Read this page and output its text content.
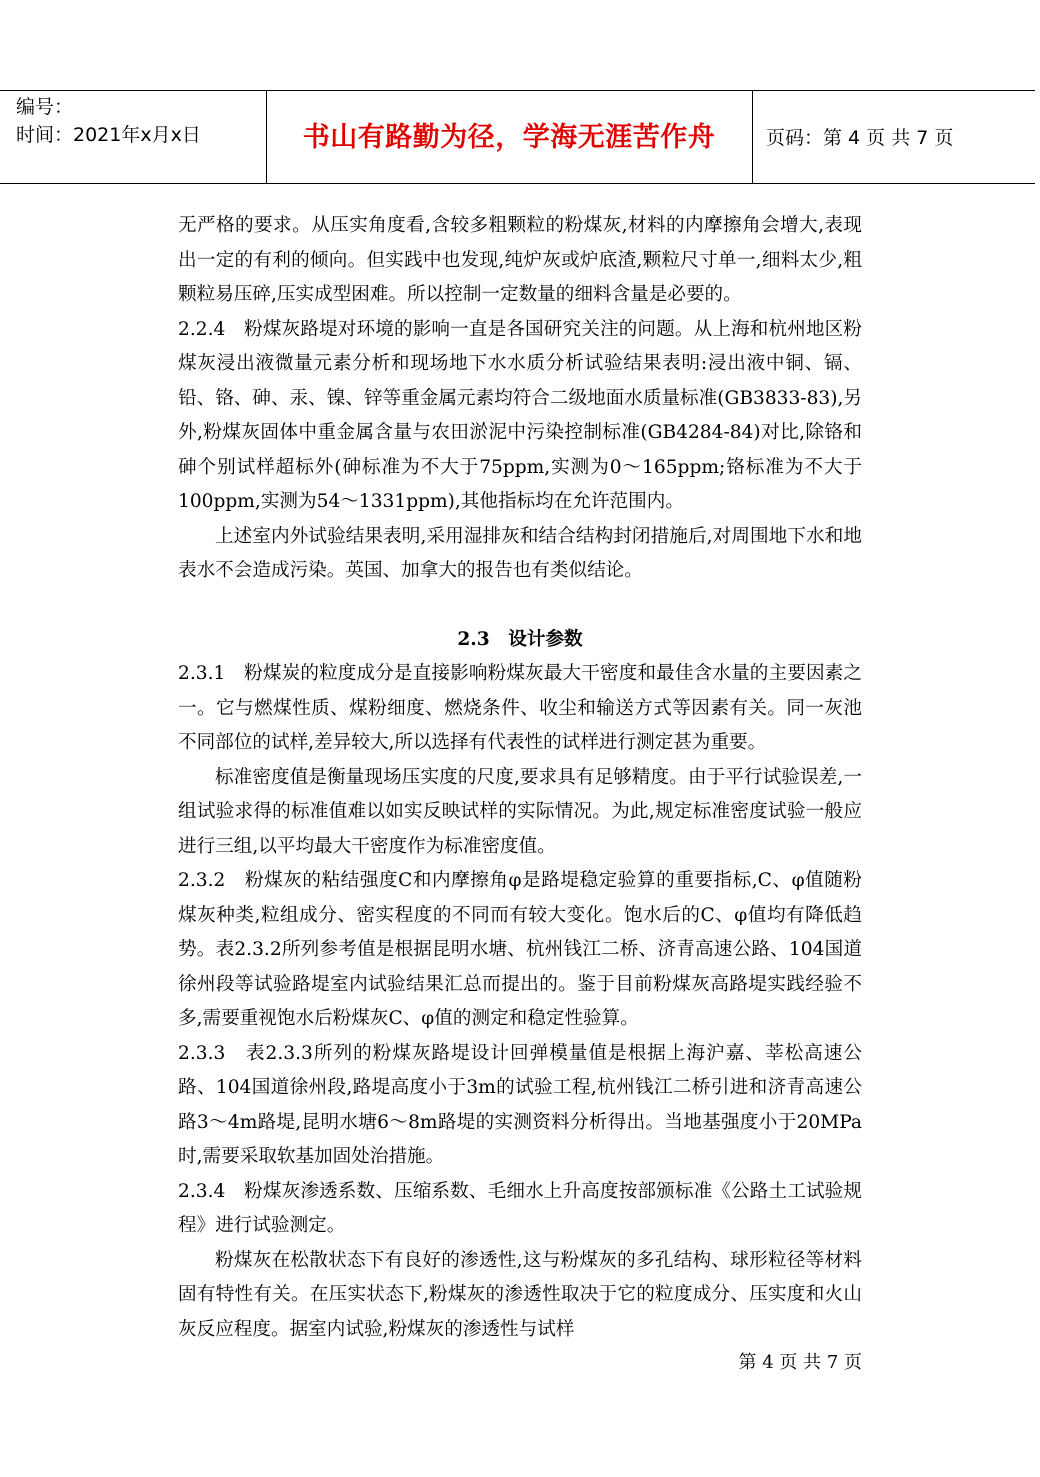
编号：
时间：2021年x月x日	书山有路勤为径，学海无涯苦作舟	页码：第 4 页 共 7 页

无严格的要求。从压实角度看,含较多粗颗粒的粉煤灰,材料的内摩擦角会增大,表现出一定的有利的倾向。但实践中也发现,纯炉灰或炉底渣,颗粒尺寸单一,细料太少,粗颗粒易压碎,压实成型困难。所以控制一定数量的细料含量是必要的。

2.2.4　粉煤灰路堤对环境的影响一直是各国研究关注的问题。从上海和杭州地区粉煤灰浸出液微量元素分析和现场地下水水质分析试验结果表明:浸出液中铜、镉、铅、铬、砷、汞、镍、锌等重金属元素均符合二级地面水质量标准(GB3833-83),另外,粉煤灰固体中重金属含量与农田淤泥中污染控制标准(GB4284-84)对比,除铬和砷个别试样超标外(砷标准为不大于75ppm,实测为0～165ppm;铬标准为不大于100ppm,实测为54～1331ppm),其他指标均在允许范围内。

上述室内外试验结果表明,采用湿排灰和结合结构封闭措施后,对周围地下水和地表水不会造成污染。英国、加拿大的报告也有类似结论。

2.3　设计参数

2.3.1　粉煤炭的粒度成分是直接影响粉煤灰最大干密度和最佳含水量的主要因素之一。它与燃煤性质、煤粉细度、燃烧条件、收尘和输送方式等因素有关。同一灰池不同部位的试样,差异较大,所以选择有代表性的试样进行测定甚为重要。

标准密度值是衡量现场压实度的尺度,要求具有足够精度。由于平行试验误差,一组试验求得的标准值难以如实反映试样的实际情况。为此,规定标准密度试验一般应进行三组,以平均最大干密度作为标准密度值。

2.3.2　粉煤灰的粘结强度C和内摩擦角φ是路堤稳定验算的重要指标,C、φ值随粉煤灰种类,粒组成分、密实程度的不同而有较大变化。饱水后的C、φ值均有降低趋势。表2.3.2所列参考值是根据昆明水塘、杭州钱江二桥、济青高速公路、104国道徐州段等试验路堤室内试验结果汇总而提出的。鉴于目前粉煤灰高路堤实践经验不多,需要重视饱水后粉煤灰C、φ值的测定和稳定性验算。

2.3.3　表2.3.3所列的粉煤灰路堤设计回弹模量值是根据上海沪嘉、莘松高速公路、104国道徐州段,路堤高度小于3m的试验工程,杭州钱江二桥引进和济青高速公路3～4m路堤,昆明水塘6～8m路堤的实测资料分析得出。当地基强度小于20MPa时,需要采取软基加固处治措施。

2.3.4　粉煤灰渗透系数、压缩系数、毛细水上升高度按部颁标准《公路土工试验规程》进行试验测定。

粉煤灰在松散状态下有良好的渗透性,这与粉煤灰的多孔结构、球形粒径等材料固有特性有关。在压实状态下,粉煤灰的渗透性取决于它的粒度成分、压实度和火山灰反应程度。据室内试验,粉煤灰的渗透性与试样

第 4 页 共 7 页
